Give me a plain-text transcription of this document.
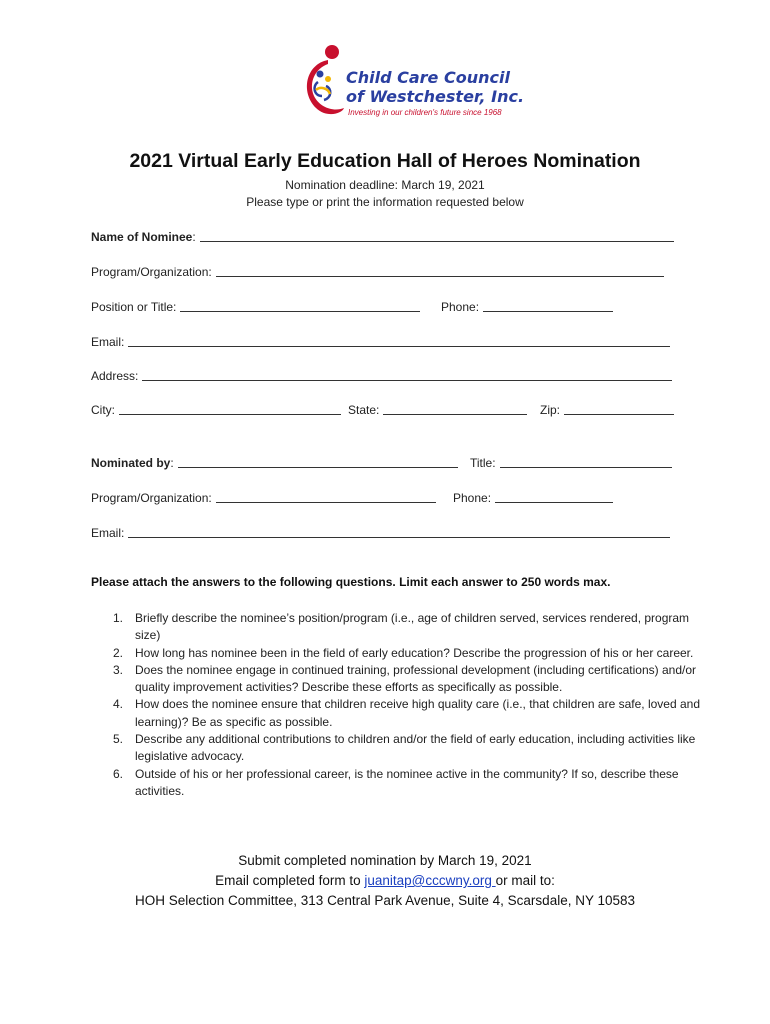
Child Care Council
of Westchester, Inc.
Investing in our children's future since 1968
2021 Virtual Early Education Hall of Heroes Nomination
Nomination deadline: March 19, 2021
Please type or print the information requested below
Name of Nominee:
Program/Organization:
Position or Title:	Phone:
Email:
Address:
City:	State:	Zip:
Nominated by:	Title:
Program/Organization:	Phone:
Email:
Please attach the answers to the following questions. Limit each answer to 250 words max.
1. Briefly describe the nominee’s position/program (i.e., age of children served, services rendered, program size)
2. How long has nominee been in the field of early education? Describe the progression of his or her career.
3. Does the nominee engage in continued training, professional development (including certifications) and/or quality improvement activities? Describe these efforts as specifically as possible.
4. How does the nominee ensure that children receive high quality care (i.e., that children are safe, loved and learning)? Be as specific as possible.
5. Describe any additional contributions to children and/or the field of early education, including activities like legislative advocacy.
6. Outside of his or her professional career, is the nominee active in the community? If so, describe these activities.
Submit completed nomination by March 19, 2021
Email completed form to juanitap@cccwny.org or mail to:
HOH Selection Committee, 313 Central Park Avenue, Suite 4, Scarsdale, NY 10583
